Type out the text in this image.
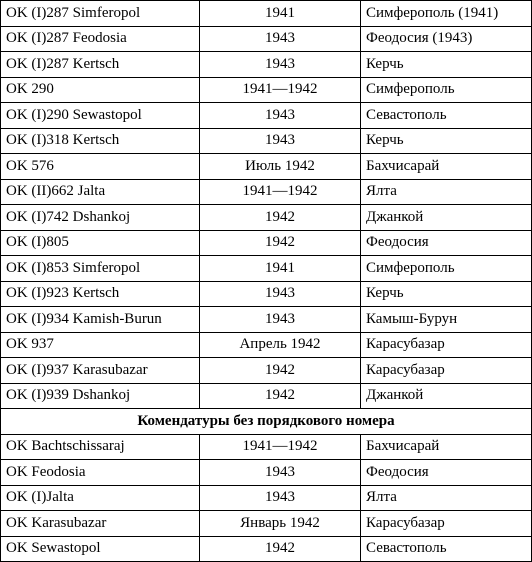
OK (I)287 Simferopol	1941	Симферополь (1941)
OK (I)287 Feodosia	1943	Феодосия (1943)
OK (I)287 Kertsch	1943	Керчь
OK 290	1941—1942	Симферополь
OK (I)290 Sewastopol	1943	Севастополь
OK (I)318 Kertsch	1943	Керчь
OK 576	Июль 1942	Бахчисарай
OK (II)662 Jalta	1941—1942	Ялта
OK (I)742 Dshankoj	1942	Джанкой
OK (I)805	1942	Феодосия
OK (I)853 Simferopol	1941	Симферополь
OK (I)923 Kertsch	1943	Керчь
OK (I)934 Kamish-Burun	1943	Камыш-Бурун
OK 937	Апрель 1942	Карасубазар
OK (I)937 Karasubazar	1942	Карасубазар
OK (I)939 Dshankoj	1942	Джанкой
Комендатуры без порядкового номера		
OK Bachtschissaraj	1941—1942	Бахчисарай
OK Feodosia	1943	Феодосия
OK (I)Jalta	1943	Ялта
OK Karasubazar	Январь 1942	Карасубазар
OK Sewastopol	1942	Севастополь
